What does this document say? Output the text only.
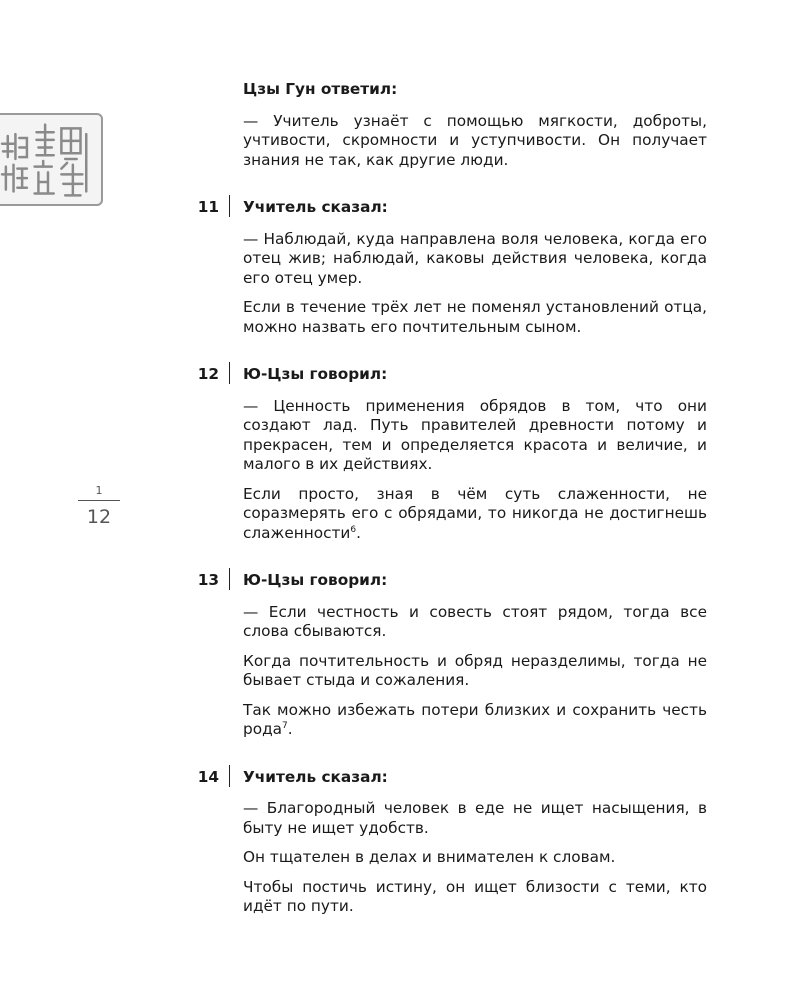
1
12
Цзы Гун ответил:

— Учитель узнаёт с помощью мягкости, доброты, учтивости, скромности и уступчивости. Он получает знания не так, как другие люди.

11 Учитель сказал:

— Наблюдай, куда направлена воля человека, когда его отец жив; наблюдай, каковы действия человека, когда его отец умер.

Если в течение трёх лет не поменял установлений отца, можно назвать его почтительным сыном.

12 Ю-Цзы говорил:

— Ценность применения обрядов в том, что они создают лад. Путь правителей древности потому и прекрасен, тем и определяется красота и величие, и малого в их действиях.

Если просто, зная в чём суть слаженности, не соразмерять его с обрядами, то никогда не достигнешь слаженности$^6$.

13 Ю-Цзы говорил:

— Если честность и совесть стоят рядом, тогда все слова сбываются.

Когда почтительность и обряд неразделимы, тогда не бывает стыда и сожаления.

Так можно избежать потери близких и сохранить честь рода$^7$.

14 Учитель сказал:

— Благородный человек в еде не ищет насыщения, в быту не ищет удобств.

Он тщателен в делах и внимателен к словам.

Чтобы постичь истину, он ищет близости с теми, кто идёт по пути.
